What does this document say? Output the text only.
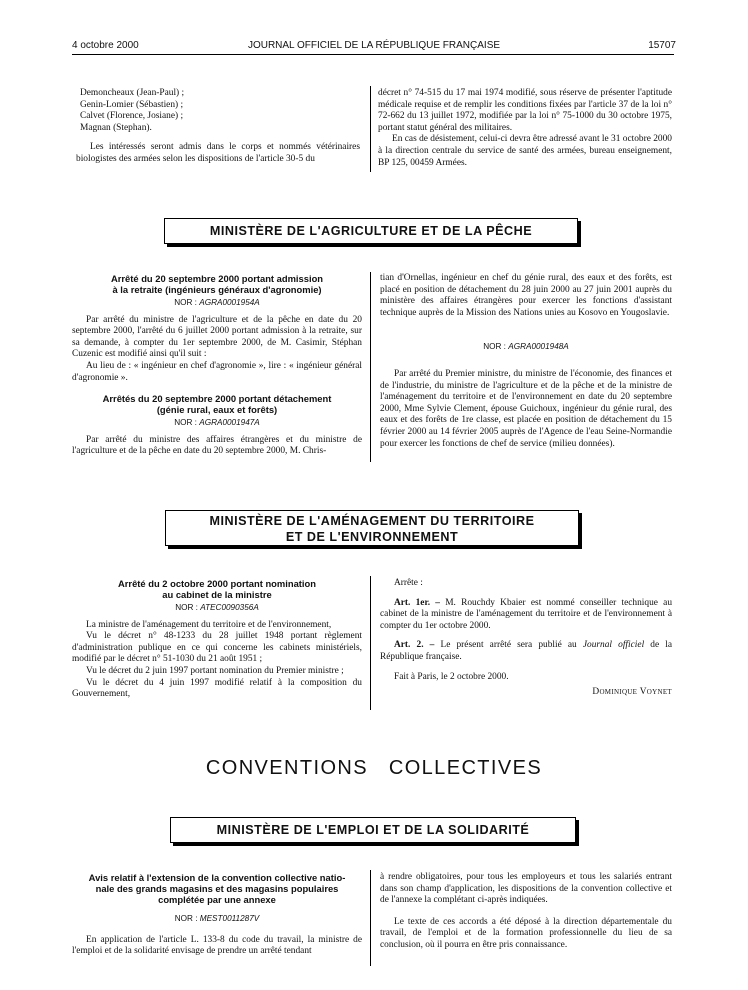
4 octobre 2000	JOURNAL OFFICIEL DE LA RÉPUBLIQUE FRANÇAISE	15707

Demoncheaux (Jean-Paul) ;

Genin-Lomier (Sébastien) ;

Calvet (Florence, Josiane) ;

Magnan (Stephan).

Les intéressés seront admis dans le corps et nommés vétérinaires biologistes des armées selon les dispositions de l'article 30-5 du

décret n° 74-515 du 17 mai 1974 modifié, sous réserve de présenter l'aptitude médicale requise et de remplir les conditions fixées par l'article 37 de la loi n° 72-662 du 13 juillet 1972, modifiée par la loi n° 75-1000 du 30 octobre 1975, portant statut général des militaires.

En cas de désistement, celui-ci devra être adressé avant le 31 octobre 2000 à la direction centrale du service de santé des armées, bureau enseignement, BP 125, 00459 Armées.

MINISTÈRE DE L'AGRICULTURE ET DE LA PÊCHE
Arrêté du 20 septembre 2000 portant admission
à la retraite (ingénieurs généraux d'agronomie)

NOR : AGRA0001954A

Par arrêté du ministre de l'agriculture et de la pêche en date du 20 septembre 2000, l'arrêté du 6 juillet 2000 portant admission à la retraite, sur sa demande, à compter du 1er septembre 2000, de M. Casimir, Stéphan Cuzenic est modifié ainsi qu'il suit :

Au lieu de : « ingénieur en chef d'agronomie », lire : « ingénieur général d'agronomie ».

Arrêtés du 20 septembre 2000 portant détachement
(génie rural, eaux et forêts)

NOR : AGRA0001947A

Par arrêté du ministre des affaires étrangères et du ministre de l'agriculture et de la pêche en date du 20 septembre 2000, M. Chris-

tian d'Ornellas, ingénieur en chef du génie rural, des eaux et des forêts, est placé en position de détachement du 28 juin 2000 au 27 juin 2001 auprès du ministère des affaires étrangères pour exercer les fonctions d'assistant technique auprès de la Mission des Nations unies au Kosovo en Yougoslavie.

NOR : AGRA0001948A

Par arrêté du Premier ministre, du ministre de l'économie, des finances et de l'industrie, du ministre de l'agriculture et de la pêche et de la ministre de l'aménagement du territoire et de l'environnement en date du 20 septembre 2000, Mme Sylvie Clement, épouse Guichoux, ingénieur du génie rural, des eaux et des forêts de 1re classe, est placée en position de détachement du 15 février 2000 au 14 février 2005 auprès de l'Agence de l'eau Seine-Normandie pour exercer les fonctions de chef de service (milieu données).

MINISTÈRE DE L'AMÉNAGEMENT DU TERRITOIRE
ET DE L'ENVIRONNEMENT
Arrêté du 2 octobre 2000 portant nomination
au cabinet de la ministre

NOR : ATEC0090356A

La ministre de l'aménagement du territoire et de l'environnement,

Vu le décret n° 48-1233 du 28 juillet 1948 portant règlement d'administration publique en ce qui concerne les cabinets ministériels, modifié par le décret n° 51-1030 du 21 août 1951 ;

Vu le décret du 2 juin 1997 portant nomination du Premier ministre ;

Vu le décret du 4 juin 1997 modifié relatif à la composition du Gouvernement,

Arrête :

Art. 1er. – M. Rouchdy Kbaier est nommé conseiller technique au cabinet de la ministre de l'aménagement du territoire et de l'environnement à compter du 1er octobre 2000.

Art. 2. – Le présent arrêté sera publié au Journal officiel de la République française.

Fait à Paris, le 2 octobre 2000.

Dominique Voynet

CONVENTIONS   COLLECTIVES
MINISTÈRE DE L'EMPLOI ET DE LA SOLIDARITÉ
Avis relatif à l'extension de la convention collective natio-
nale des grands magasins et des magasins populaires
complétée par une annexe

NOR : MEST0011287V

En application de l'article L. 133-8 du code du travail, la ministre de l'emploi et de la solidarité envisage de prendre un arrêté tendant

à rendre obligatoires, pour tous les employeurs et tous les salariés entrant dans son champ d'application, les dispositions de la convention collective et de l'annexe la complétant ci-après indiquées.

Le texte de ces accords a été déposé à la direction départementale du travail, de l'emploi et de la formation professionnelle du lieu de sa conclusion, où il pourra en être pris connaissance.
